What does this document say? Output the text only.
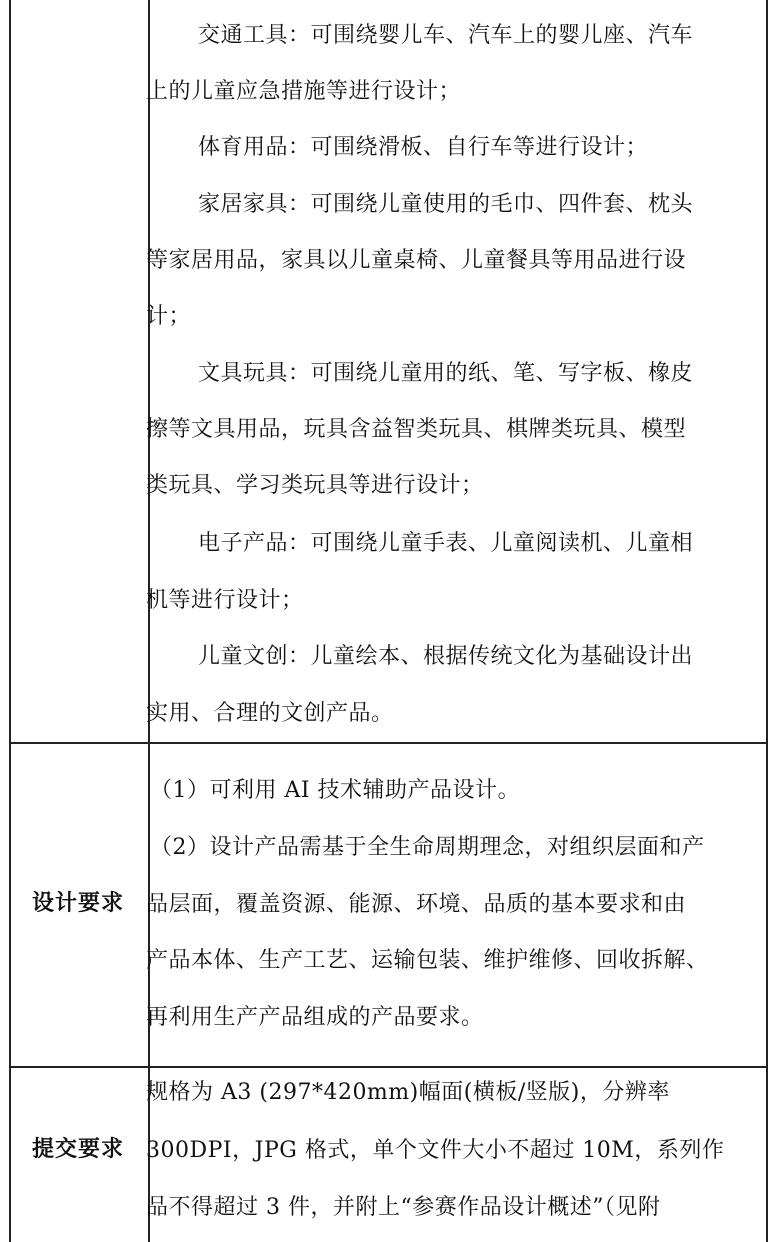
交通工具：可围绕婴儿车、汽车上的婴儿座、汽车
上的儿童应急措施等进行设计；
体育用品：可围绕滑板、自行车等进行设计；
家居家具：可围绕儿童使用的毛巾、四件套、枕头
等家居用品，家具以儿童桌椅、儿童餐具等用品进行设
计；
文具玩具：可围绕儿童用的纸、笔、写字板、橡皮
擦等文具用品，玩具含益智类玩具、棋牌类玩具、模型
类玩具、学习类玩具等进行设计；
电子产品：可围绕儿童手表、儿童阅读机、儿童相
机等进行设计；
儿童文创：儿童绘本、根据传统文化为基础设计出
实用、合理的文创产品。
设计要求
（1）可利用 AI 技术辅助产品设计。
（2）设计产品需基于全生命周期理念，对组织层面和产
品层面，覆盖资源、能源、环境、品质的基本要求和由
产品本体、生产工艺、运输包装、维护维修、回收拆解、
再利用生产产品组成的产品要求。
提交要求
规格为 A3 (297*420mm)幅面(横板/竖版)，分辨率
300DPI，JPG 格式，单个文件大小不超过 10M，系列作
品不得超过 3 件，并附上“参赛作品设计概述”（见附
